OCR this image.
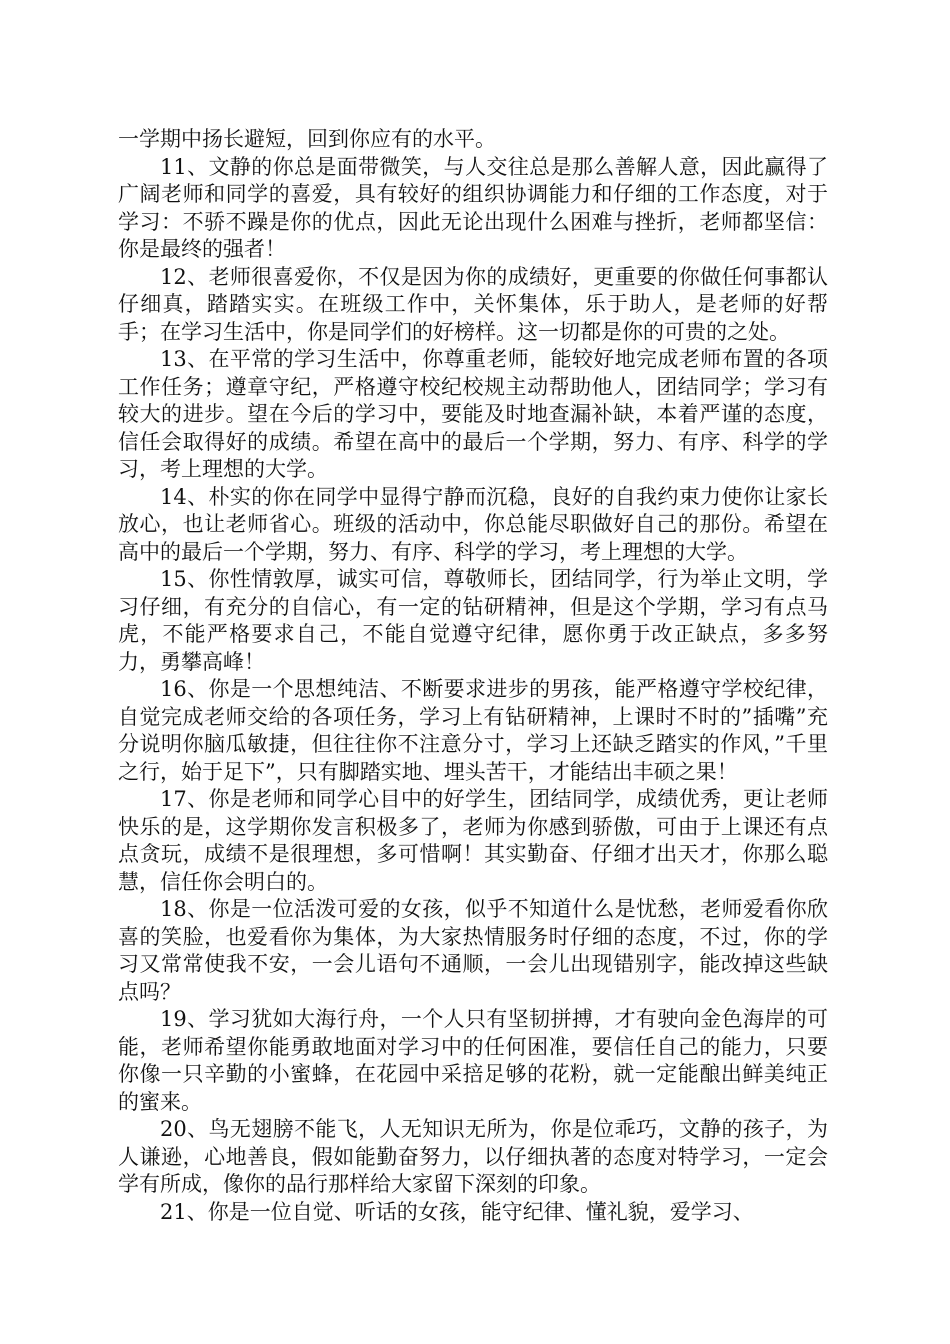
一学期中扬长避短，回到你应有的水平。

11、文静的你总是面带微笑，与人交往总是那么善解人意，因此赢得了广阔老师和同学的喜爱，具有较好的组织协调能力和仔细的工作态度，对于学习：不骄不躁是你的优点，因此无论出现什么困难与挫折，老师都坚信：你是最终的强者！

12、老师很喜爱你，不仅是因为你的成绩好，更重要的你做任何事都认仔细真，踏踏实实。在班级工作中，关怀集体，乐于助人，是老师的好帮手；在学习生活中，你是同学们的好榜样。这一切都是你的可贵的之处。

13、在平常的学习生活中，你尊重老师，能较好地完成老师布置的各项工作任务；遵章守纪，严格遵守校纪校规主动帮助他人，团结同学；学习有较大的进步。望在今后的学习中，要能及时地查漏补缺，本着严谨的态度，信任会取得好的成绩。希望在高中的最后一个学期，努力、有序、科学的学习，考上理想的大学。

14、朴实的你在同学中显得宁静而沉稳，良好的自我约束力使你让家长放心，也让老师省心。班级的活动中，你总能尽职做好自己的那份。希望在高中的最后一个学期，努力、有序、科学的学习，考上理想的大学。

15、你性情敦厚，诚实可信，尊敬师长，团结同学，行为举止文明，学习仔细，有充分的自信心，有一定的钻研精神，但是这个学期，学习有点马虎，不能严格要求自己，不能自觉遵守纪律，愿你勇于改正缺点，多多努力，勇攀高峰！

16、你是一个思想纯洁、不断要求进步的男孩，能严格遵守学校纪律，自觉完成老师交给的各项任务，学习上有钻研精神，上课时不时的”插嘴”充分说明你脑瓜敏捷，但往往你不注意分寸，学习上还缺乏踏实的作风，”千里之行，始于足下”，只有脚踏实地、埋头苦干，才能结出丰硕之果！

17、你是老师和同学心目中的好学生，团结同学，成绩优秀，更让老师快乐的是，这学期你发言积极多了，老师为你感到骄傲，可由于上课还有点点贪玩，成绩不是很理想，多可惜啊！其实勤奋、仔细才出天才，你那么聪慧，信任你会明白的。

18、你是一位活泼可爱的女孩，似乎不知道什么是忧愁，老师爱看你欣喜的笑脸，也爱看你为集体，为大家热情服务时仔细的态度，不过，你的学习又常常使我不安，一会儿语句不通顺，一会儿出现错别字，能改掉这些缺点吗？

19、学习犹如大海行舟，一个人只有坚韧拼搏，才有驶向金色海岸的可能，老师希望你能勇敢地面对学习中的任何困准，要信任自己的能力，只要你像一只辛勤的小蜜蜂，在花园中采掊足够的花粉，就一定能酿出鲜美纯正的蜜来。

20、鸟无翅膀不能飞，人无知识无所为，你是位乖巧，文静的孩子，为人谦逊，心地善良，假如能勤奋努力，以仔细执著的态度对特学习，一定会学有所成，像你的品行那样给大家留下深刻的印象。

21、你是一位自觉、听话的女孩，能守纪律、懂礼貌，爱学习、
